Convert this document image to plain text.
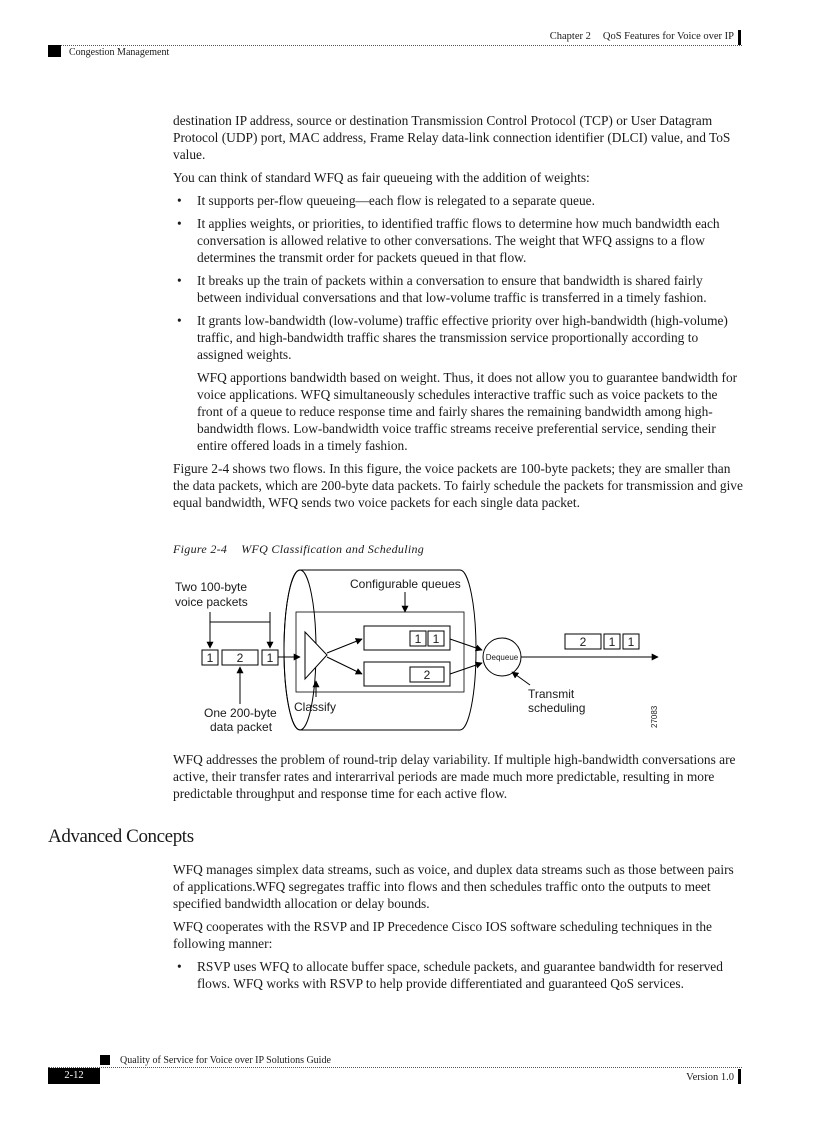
Chapter 2 QoS Features for Voice over IP
Congestion Management

destination IP address, source or destination Transmission Control Protocol (TCP) or User Datagram Protocol (UDP) port, MAC address, Frame Relay data-link connection identifier (DLCI) value, and ToS value.

You can think of standard WFQ as fair queueing with the addition of weights:

• It supports per-flow queueing—each flow is relegated to a separate queue.
• It applies weights, or priorities, to identified traffic flows to determine how much bandwidth each conversation is allowed relative to other conversations. The weight that WFQ assigns to a flow determines the transmit order for packets queued in that flow.
• It breaks up the train of packets within a conversation to ensure that bandwidth is shared fairly between individual conversations and that low-volume traffic is transferred in a timely fashion.
• It grants low-bandwidth (low-volume) traffic effective priority over high-bandwidth (high-volume) traffic, and high-bandwidth traffic shares the transmission service proportionally according to assigned weights.

WFQ apportions bandwidth based on weight. Thus, it does not allow you to guarantee bandwidth for voice applications. WFQ simultaneously schedules interactive traffic such as voice packets to the front of a queue to reduce response time and fairly shares the remaining bandwidth among high-bandwidth flows. Low-bandwidth voice traffic streams receive preferential service, sending their entire offered loads in a timely fashion.

Figure 2-4 shows two flows. In this figure, the voice packets are 100-byte packets; they are smaller than the data packets, which are 200-byte data packets. To fairly schedule the packets for transmission and give equal bandwidth, WFQ sends two voice packets for each single data packet.

Figure 2-4 WFQ Classification and Scheduling
1 1
2
Dequeue
2 1 1
1 2 1
Two 100-byte
voice packets
Configurable queues
One 200-byte
data packet
Classify
Transmit
scheduling	27083

WFQ addresses the problem of round-trip delay variability. If multiple high-bandwidth conversations are active, their transfer rates and interarrival periods are made much more predictable, resulting in more predictable throughput and response time for each active flow.

Advanced Concepts

WFQ manages simplex data streams, such as voice, and duplex data streams such as those between pairs of applications.WFQ segregates traffic into flows and then schedules traffic onto the outputs to meet specified bandwidth allocation or delay bounds.

WFQ cooperates with the RSVP and IP Precedence Cisco IOS software scheduling techniques in the following manner:

• RSVP uses WFQ to allocate buffer space, schedule packets, and guarantee bandwidth for reserved flows. WFQ works with RSVP to help provide differentiated and guaranteed QoS services.
Quality of Service for Voice over IP Solutions Guide
2-12	Version 1.0
